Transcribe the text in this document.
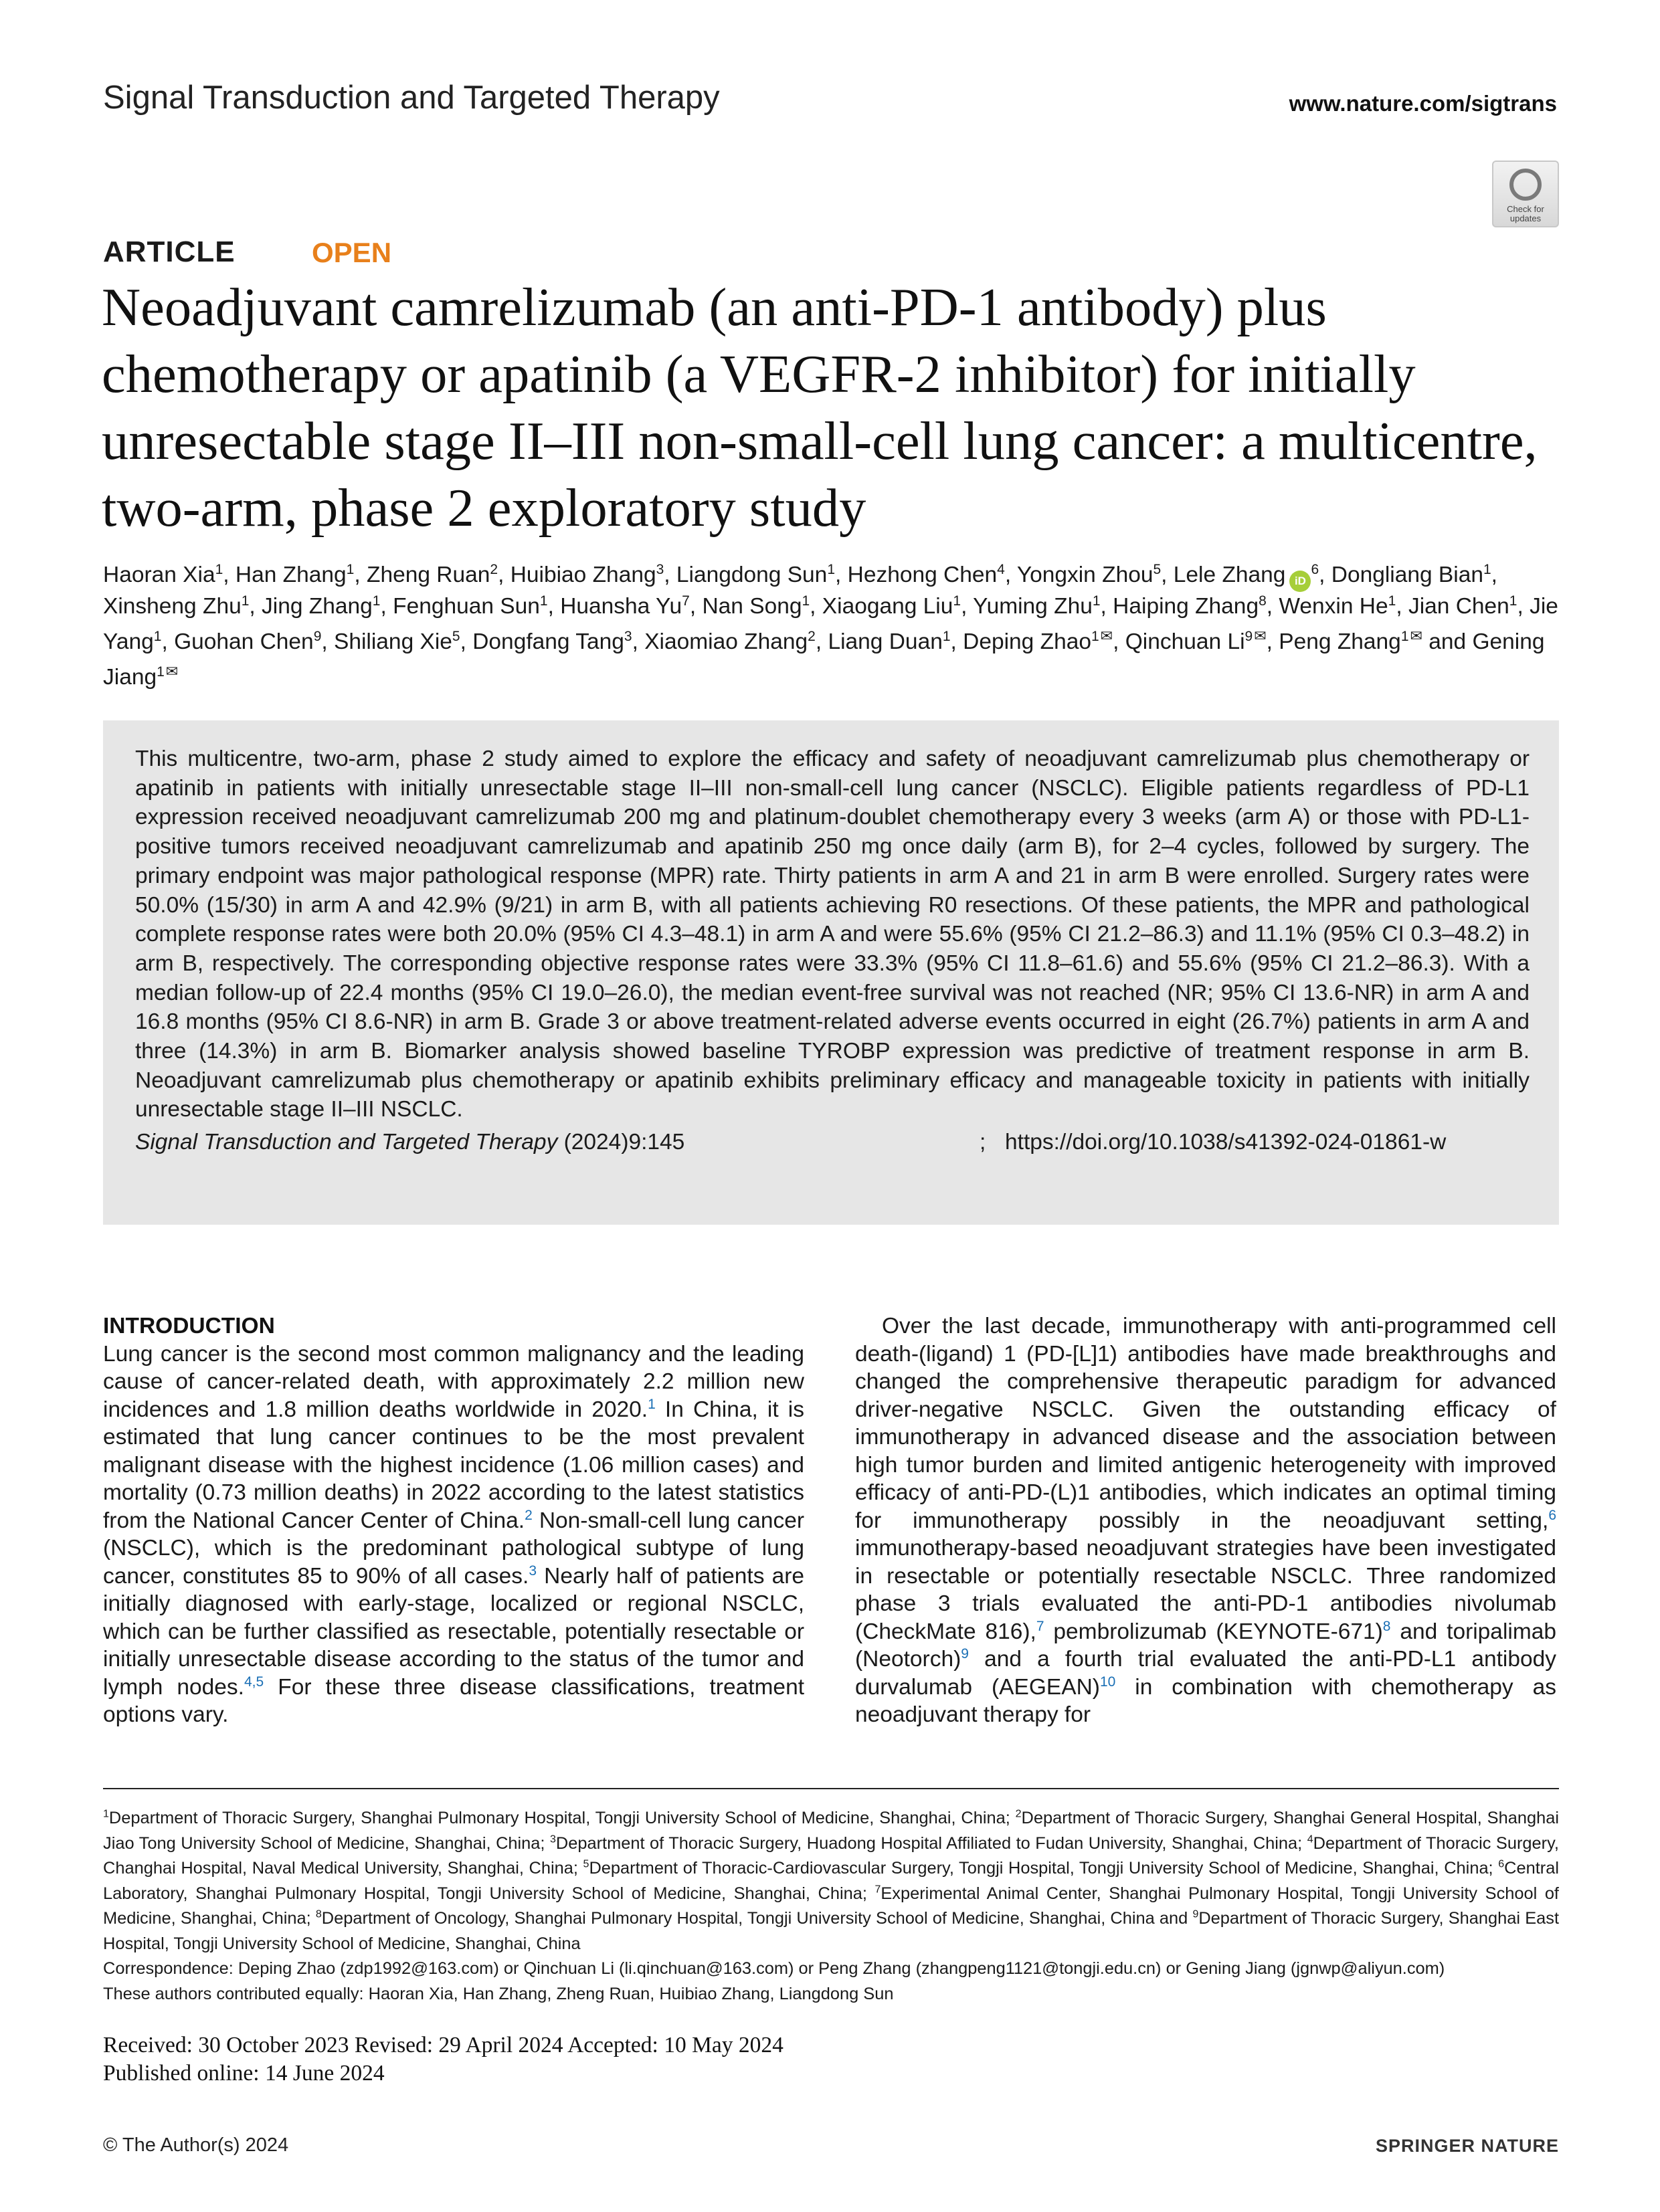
Signal Transduction and Targeted Therapy	www.nature.com/sigtrans
Check for updates
ARTICLE	OPEN
Neoadjuvant camrelizumab (an anti-PD-1 antibody) plus chemotherapy or apatinib (a VEGFR-2 inhibitor) for initially unresectable stage II–III non-small-cell lung cancer: a multicentre, two-arm, phase 2 exploratory study
Haoran Xia$^1$, Han Zhang$^1$, Zheng Ruan$^2$, Huibiao Zhang$^3$, Liangdong Sun$^1$, Hezhong Chen$^4$, Yongxin Zhou$^5$, Lele Zhang $iD^6$, Dongliang Bian$^1$, Xinsheng Zhu$^1$, Jing Zhang$^1$, Fenghuan Sun$^1$, Huansha Yu$^7$, Nan Song$^1$, Xiaogang Liu$^1$, Yuming Zhu$^1$, Haiping Zhang$^8$, Wenxin He$^1$, Jian Chen$^1$, Jie Yang$^1$, Guohan Chen$^9$, Shiliang Xie$^5$, Dongfang Tang$^3$, Xiaomiao Zhang$^2$, Liang Duan$^1$, Deping Zhao$^{1✉}$, Qinchuan $Li^{9✉}$, Peng Zhang$^{1✉}$ and Gening Jiang$^{1✉}$
This multicentre, two-arm, phase 2 study aimed to explore the efficacy and safety of neoadjuvant camrelizumab plus chemotherapy or apatinib in patients with initially unresectable stage II–III non-small-cell lung cancer (NSCLC). Eligible patients regardless of PD-L1 expression received neoadjuvant camrelizumab 200 mg and platinum-doublet chemotherapy every 3 weeks (arm A) or those with PD-L1-positive tumors received neoadjuvant camrelizumab and apatinib 250 mg once daily (arm B), for 2–4 cycles, followed by surgery. The primary endpoint was major pathological response (MPR) rate. Thirty patients in arm A and 21 in arm B were enrolled. Surgery rates were 50.0% (15/30) in arm A and 42.9% (9/21) in arm B, with all patients achieving R0 resections. Of these patients, the MPR and pathological complete response rates were both 20.0% (95% CI 4.3–48.1) in arm A and were 55.6% (95% CI 21.2–86.3) and 11.1% (95% CI 0.3–48.2) in arm B, respectively. The corresponding objective response rates were 33.3% (95% CI 11.8–61.6) and 55.6% (95% CI 21.2–86.3). With a median follow-up of 22.4 months (95% CI 19.0–26.0), the median event-free survival was not reached (NR; 95% CI 13.6-NR) in arm A and 16.8 months (95% CI 8.6-NR) in arm B. Grade 3 or above treatment-related adverse events occurred in eight (26.7%) patients in arm A and three (14.3%) in arm B. Biomarker analysis showed baseline TYROBP expression was predictive of treatment response in arm B. Neoadjuvant camrelizumab plus chemotherapy or apatinib exhibits preliminary efficacy and manageable toxicity in patients with initially unresectable stage II–III NSCLC.
Signal Transduction and Targeted Therapy (2024)9:145	; https://doi.org/10.1038/s41392-024-01861-w
INTRODUCTION

Lung cancer is the second most common malignancy and the leading cause of cancer-related death, with approximately 2.2 million new incidences and 1.8 million deaths worldwide in 2020.$^1$ In China, it is estimated that lung cancer continues to be the most prevalent malignant disease with the highest incidence (1.06 million cases) and mortality (0.73 million deaths) in 2022 according to the latest statistics from the National Cancer Center of China.$^2$ Non-small-cell lung cancer (NSCLC), which is the predominant pathological subtype of lung cancer, constitutes 85 to 90% of all cases.$^3$ Nearly half of patients are initially diagnosed with early-stage, localized or regional NSCLC, which can be further classified as resectable, potentially resectable or initially unresectable disease according to the status of the tumor and lymph nodes.$^{4,5}$ For these three disease classifications, treatment options vary.

Over the last decade, immunotherapy with anti-programmed cell death-(ligand) 1 (PD-[L]1) antibodies have made breakthroughs and changed the comprehensive therapeutic paradigm for advanced driver-negative NSCLC. Given the outstanding efficacy of immunotherapy in advanced disease and the association between high tumor burden and limited antigenic heterogeneity with improved efficacy of anti-PD-(L)1 antibodies, which indicates an optimal timing for immunotherapy possibly in the neoadjuvant setting,$^6$ immunotherapy-based neoadjuvant strategies have been investigated in resectable or potentially resectable NSCLC. Three randomized phase 3 trials evaluated the anti-PD-1 antibodies nivolumab (CheckMate 816),$^7$ pembrolizumab (KEYNOTE-671)$^8$ and toripalimab (Neotorch)$^9$ and a fourth trial evaluated the anti-PD-L1 antibody durvalumab (AEGEAN)$^{10}$ in combination with chemotherapy as neoadjuvant therapy for

$^1$Department of Thoracic Surgery, Shanghai Pulmonary Hospital, Tongji University School of Medicine, Shanghai, China; $^2$Department of Thoracic Surgery, Shanghai General Hospital, Shanghai Jiao Tong University School of Medicine, Shanghai, China; $^3$Department of Thoracic Surgery, Huadong Hospital Affiliated to Fudan University, Shanghai, China; $^4$Department of Thoracic Surgery, Changhai Hospital, Naval Medical University, Shanghai, China; $^5$Department of Thoracic-Cardiovascular Surgery, Tongji Hospital, Tongji University School of Medicine, Shanghai, China; $^6$Central Laboratory, Shanghai Pulmonary Hospital, Tongji University School of Medicine, Shanghai, China; $^7$Experimental Animal Center, Shanghai Pulmonary Hospital, Tongji University School of Medicine, Shanghai, China; $^8$Department of Oncology, Shanghai Pulmonary Hospital, Tongji University School of Medicine, Shanghai, China and $^9$Department of Thoracic Surgery, Shanghai East Hospital, Tongji University School of Medicine, Shanghai, China

Correspondence: Deping Zhao (zdp1992@163.com) or Qinchuan Li (li.qinchuan@163.com) or Peng Zhang (zhangpeng1121@tongji.edu.cn) or Gening Jiang (jgnwp@aliyun.com)

These authors contributed equally: Haoran Xia, Han Zhang, Zheng Ruan, Huibiao Zhang, Liangdong Sun

Received: 30 October 2023 Revised: 29 April 2024 Accepted: 10 May 2024

Published online: 14 June 2024

© The Author(s) 2024	SPRINGER NATURE
